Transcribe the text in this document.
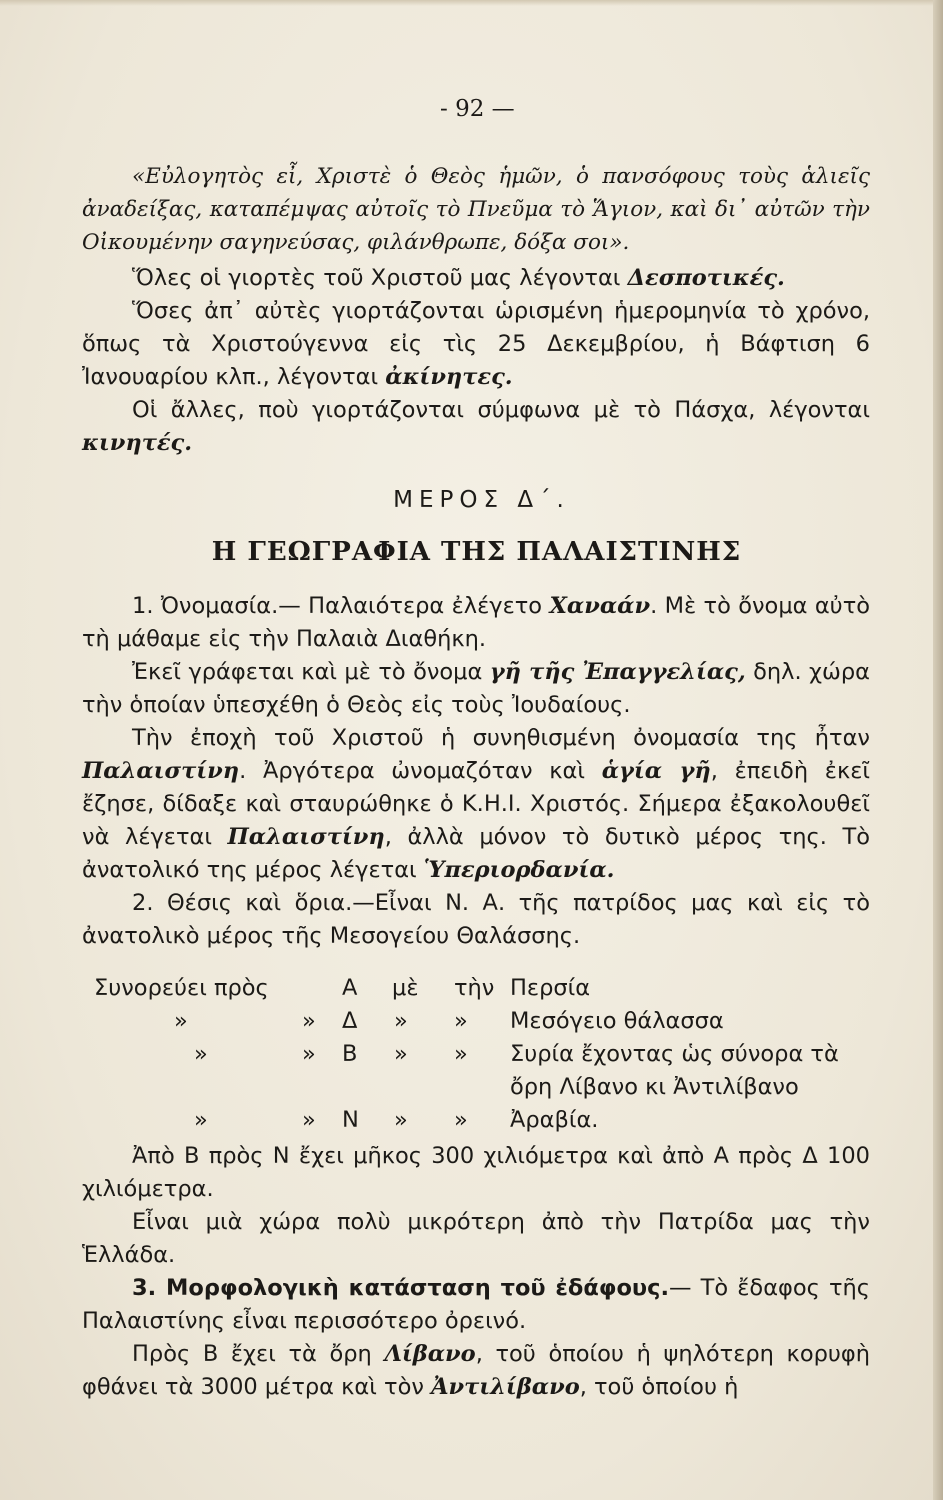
- 92 —

«Εὐλογητὸς εἶ, Χριστὲ ὁ Θεὸς ἡμῶν, ὁ πανσόφους τοὺς ἁλιεῖς ἀναδείξας, καταπέμψας αὐτοῖς τὸ Πνεῦμα τὸ Ἅγιον, καὶ δι᾿ αὐτῶν τὴν Οἰκουμένην σαγηνεύσας, φιλάνθρωπε, δόξα σοι».

Ὅλες οἱ γιορτὲς τοῦ Χριστοῦ μας λέγονται Δεσποτικές.

Ὅσες ἀπ᾿ αὐτὲς γιορτάζονται ὡρισμένη ἡμερομηνία τὸ χρόνο, ὅπως τὰ Χριστούγεννα εἰς τὶς 25 Δεκεμβρίου, ἡ Βάφτιση 6 Ἰανουαρίου κλπ., λέγονται ἀκίνητες.

Οἱ ἄλλες, ποὺ γιορτάζονται σύμφωνα μὲ τὸ Πάσχα, λέγονται κινητές.

ΜΕΡΟΣ Δ΄.
Η ΓΕΩΓΡΑΦΙΑ ΤΗΣ ΠΑΛΑΙΣΤΙΝΗΣ

1. Ὀνομασία.— Παλαιότερα ἐλέγετο Χαναάν. Μὲ τὸ ὄνομα αὐτὸ τὴ μάθαμε εἰς τὴν Παλαιὰ Διαθήκη.

Ἐκεῖ γράφεται καὶ μὲ τὸ ὄνομα γῆ τῆς Ἐπαγγελίας, δηλ. χώρα τὴν ὁποίαν ὑπεσχέθη ὁ Θεὸς εἰς τοὺς Ἰουδαίους.

Τὴν ἐποχὴ τοῦ Χριστοῦ ἡ συνηθισμένη ὀνομασία της ἦταν Παλαιστίνη. Ἀργότερα ὠνομαζόταν καὶ ἁγία γῆ, ἐπειδὴ ἐκεῖ ἔζησε, δίδαξε καὶ σταυρώθηκε ὁ Κ.Η.Ι. Χριστός. Σήμερα ἐξακολουθεῖ νὰ λέγεται Παλαιστίνη, ἀλλὰ μόνον τὸ δυτικὸ μέρος της. Τὸ ἀνατολικό της μέρος λέγεται Ὑπεριορδανία.

2. Θέσις καὶ ὅρια.—Εἶναι Ν. Α. τῆς πατρίδος μας καὶ εἰς τὸ ἀνατολικὸ μέρος τῆς Μεσογείου Θαλάσσης.

Συνορεύει πρὸς	Α μὲ τὴν Περσία
»	» Δ » » Μεσόγειο θάλασσα
»	» Β » » Συρία ἔχοντας ὡς σύνορα τὰ
ὄρη Λίβανο κι Ἀντιλίβανο
»	» Ν » » Ἀραβία.

Ἀπὸ Β πρὸς Ν ἔχει μῆκος 300 χιλιόμετρα καὶ ἀπὸ Α πρὸς Δ 100 χιλιόμετρα.

Εἶναι μιὰ χώρα πολὺ μικρότερη ἀπὸ τὴν Πατρίδα μας τὴν Ἑλλάδα.

3. Μορφολογικὴ κατάσταση τοῦ ἐδάφους.— Τὸ ἔδαφος τῆς Παλαιστίνης εἶναι περισσότερο ὀρεινό.

Πρὸς Β ἔχει τὰ ὄρη Λίβανο, τοῦ ὁποίου ἡ ψηλότερη κορυφὴ φθάνει τὰ 3000 μέτρα καὶ τὸν Ἀντιλίβανο, τοῦ ὁποίου ἡ
